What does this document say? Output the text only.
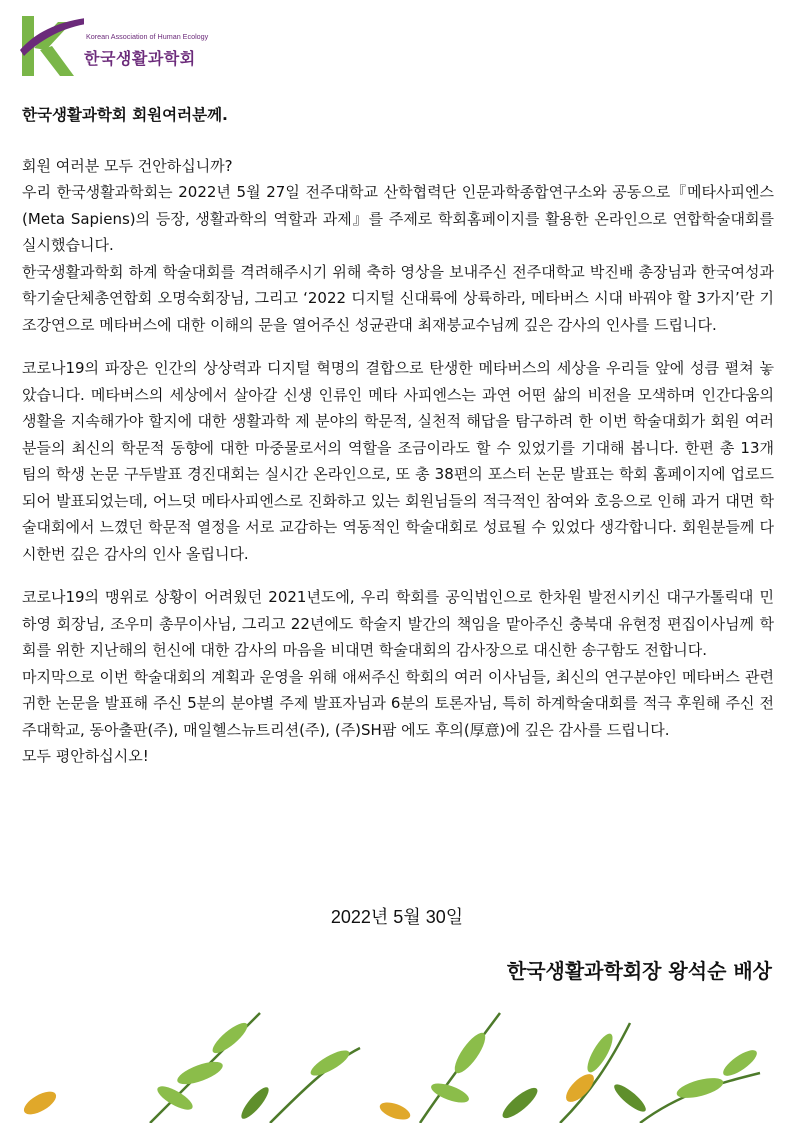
Korean Association of Human Ecology
한국생활과학회
한국생활과학회 회원여러분께.

회원 여러분 모두 건안하십니까?

우리 한국생활과학회는 2022년 5월 27일 전주대학교 산학협력단 인문과학종합연구소와 공동으로『메타사피엔스(Meta Sapiens)의 등장, 생활과학의 역할과 과제』를 주제로 학회홈페이지를 활용한 온라인으로 연합학술대회를 실시했습니다.

한국생활과학회 하계 학술대회를 격려해주시기 위해 축하 영상을 보내주신 전주대학교 박진배 총장님과 한국여성과학기술단체총연합회 오명숙회장님, 그리고 ‘2022 디지털 신대륙에 상륙하라, 메타버스 시대 바꿔야 할 3가지’란 기조강연으로 메타버스에 대한 이해의 문을 열어주신 성균관대 최재붕교수님께 깊은 감사의 인사를 드립니다.

코로나19의 파장은 인간의 상상력과 디지털 혁명의 결합으로 탄생한 메타버스의 세상을 우리들 앞에 성큼 펼쳐 놓았습니다. 메타버스의 세상에서 살아갈 신생 인류인 메타 사피엔스는 과연 어떤 삶의 비전을 모색하며 인간다움의 생활을 지속해가야 할지에 대한 생활과학 제 분야의 학문적, 실천적 해답을 탐구하려 한 이번 학술대회가 회원 여러분들의 최신의 학문적 동향에 대한 마중물로서의 역할을 조금이라도 할 수 있었기를 기대해 봅니다. 한편 총 13개 팀의 학생 논문 구두발표 경진대회는 실시간 온라인으로, 또 총 38편의 포스터 논문 발표는 학회 홈페이지에 업로드 되어 발표되었는데, 어느덧 메타사피엔스로 진화하고 있는 회원님들의 적극적인 참여와 호응으로 인해 과거 대면 학술대회에서 느꼈던 학문적 열정을 서로 교감하는 역동적인 학술대회로 성료될 수 있었다 생각합니다. 회원분들께 다시한번 깊은 감사의 인사 올립니다.

코로나19의 맹위로 상황이 어려웠던 2021년도에, 우리 학회를 공익법인으로 한차원 발전시키신 대구가톨릭대 민하영 회장님, 조우미 총무이사님, 그리고 22년에도 학술지 발간의 책임을 맡아주신 충북대 유현정 편집이사님께 학회를 위한 지난해의 헌신에 대한 감사의 마음을 비대면 학술대회의 감사장으로 대신한 송구함도 전합니다.

마지막으로 이번 학술대회의 계획과 운영을 위해 애써주신 학회의 여러 이사님들, 최신의 연구분야인 메타버스 관련 귀한 논문을 발표해 주신 5분의 분야별 주제 발표자님과 6분의 토론자님, 특히 하계학술대회를 적극 후원해 주신 전주대학교, 동아출판(주), 매일헬스뉴트리션(주), (주)SH팜 에도 후의(厚意)에 깊은 감사를 드립니다.

모두 평안하십시오!

2022년 5월 30일
한국생활과학회장 왕석순 배상
